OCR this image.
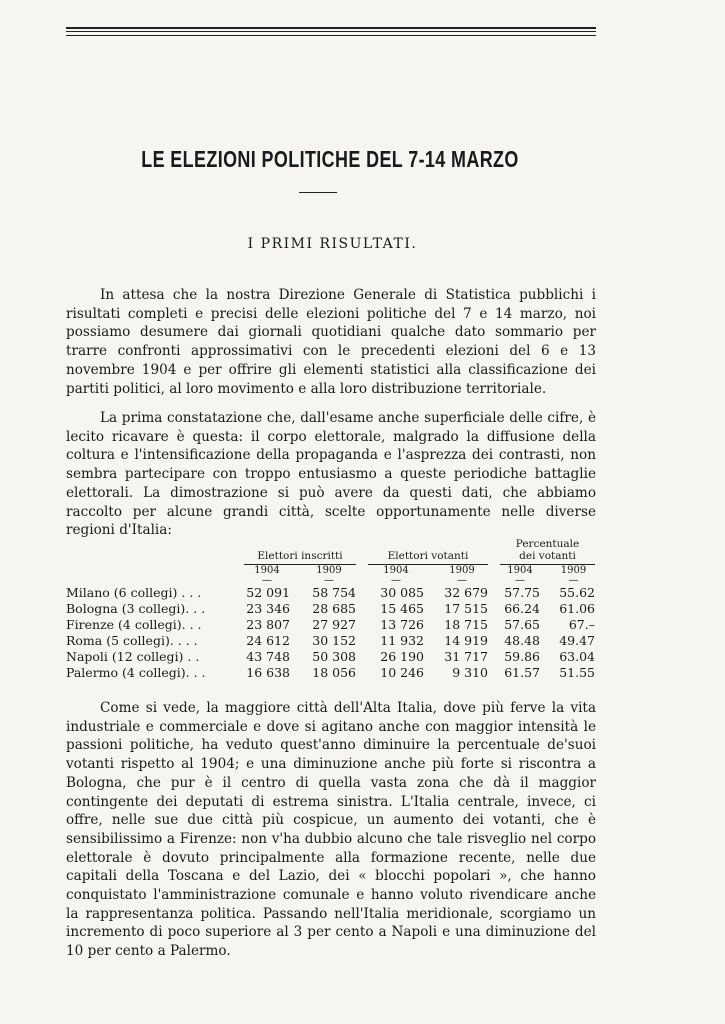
LE ELEZIONI POLITICHE DEL 7-14 MARZO
I PRIMI RISULTATI.

In attesa che la nostra Direzione Generale di Statistica pubblichi i risultati completi e precisi delle elezioni politiche del 7 e 14 marzo, noi possiamo desumere dai giornali quotidiani qualche dato sommario per trarre confronti approssimativi con le precedenti elezioni del 6 e 13 novembre 1904 e per offrire gli elementi statistici alla classificazione dei partiti politici, al loro movimento e alla loro distribuzione territoriale.

La prima constatazione che, dall'esame anche superficiale delle cifre, è lecito ricavare è questa: il corpo elettorale, malgrado la diffusione della coltura e l'intensificazione della propaganda e l'asprezza dei contrasti, non sembra partecipare con troppo entusiasmo a queste periodiche battaglie elettorali. La dimostrazione si può avere da questi dati, che abbiamo raccolto per alcune grandi città, scelte opportunamente nelle diverse regioni d'Italia:

	Elettori inscritti		Elettori votanti		Percentuale
dei votanti	

	1904	1909	1904	1909	1904	1909
	—	—	—	—	—	—
Milano (6 collegi) . . .	52 091	58 754	30 085	32 679	57.75	55.62
Bologna (3 collegi). . .	23 346	28 685	15 465	17 515	66.24	61.06
Firenze (4 collegi). . .	23 807	27 927	13 726	18 715	57.65	67.–
Roma (5 collegi). . . .	24 612	30 152	11 932	14 919	48.48	49.47
Napoli (12 collegi) . .	43 748	50 308	26 190	31 717	59.86	63.04
Palermo (4 collegi). . .	16 638	18 056	10 246	9 310	61.57	51.55

Come si vede, la maggiore città dell'Alta Italia, dove più ferve la vita industriale e commerciale e dove si agitano anche con maggior intensità le passioni politiche, ha veduto quest'anno diminuire la percentuale de'suoi votanti rispetto al 1904; e una diminuzione anche più forte si riscontra a Bologna, che pur è il centro di quella vasta zona che dà il maggior contingente dei deputati di estrema sinistra. L'Italia centrale, invece, ci offre, nelle sue due città più cospicue, un aumento dei votanti, che è sensibilissimo a Firenze: non v'ha dubbio alcuno che tale risveglio nel corpo elettorale è dovuto principalmente alla formazione recente, nelle due capitali della Toscana e del Lazio, dei « blocchi popolari », che hanno conquistato l'amministrazione comunale e hanno voluto rivendicare anche la rappresentanza politica. Passando nell'Italia meridionale, scorgiamo un incremento di poco superiore al 3 per cento a Napoli e una diminuzione del 10 per cento a Palermo.
